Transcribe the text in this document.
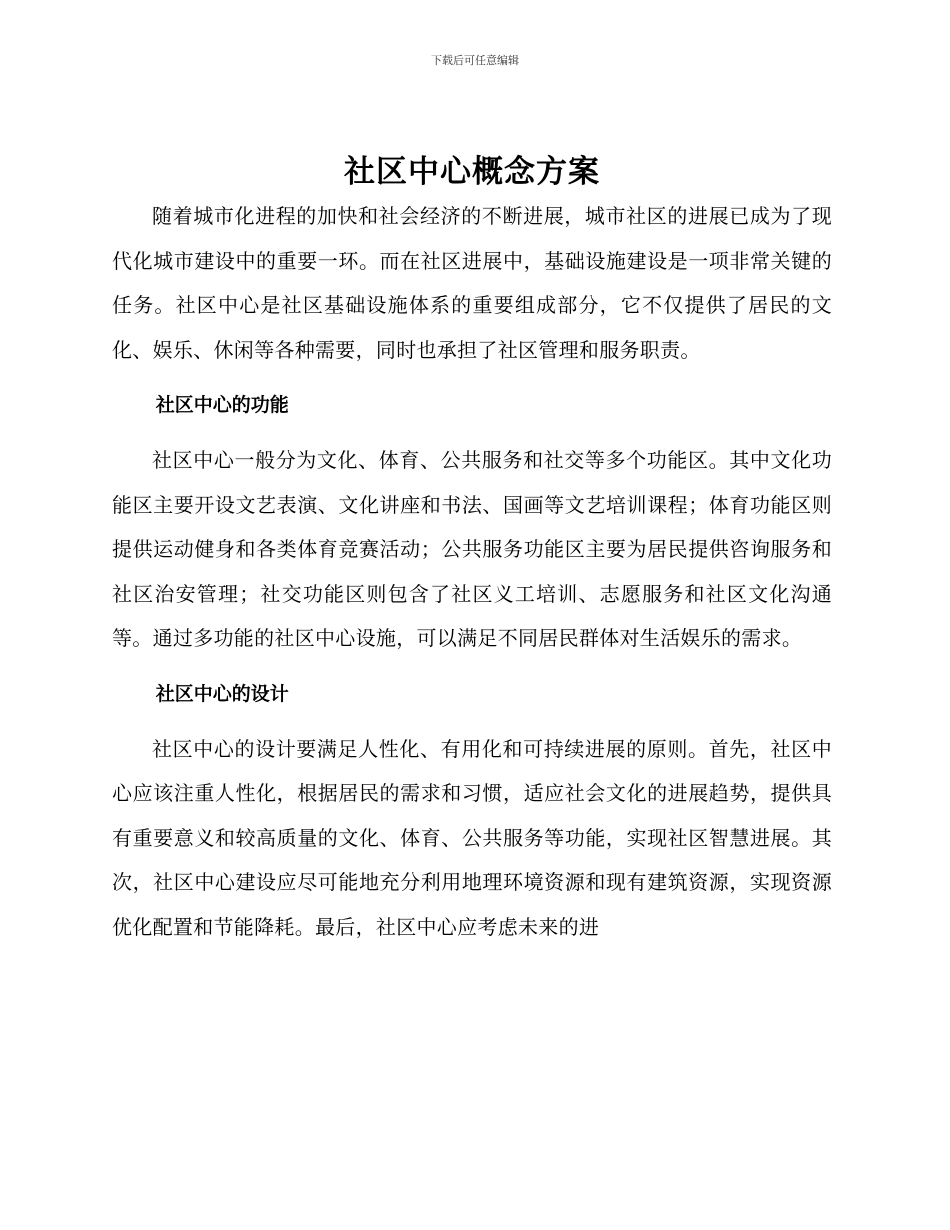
下载后可任意编辑
社区中心概念方案

随着城市化进程的加快和社会经济的不断进展，城市社区的进展已成为了现代化城市建设中的重要一环。而在社区进展中，基础设施建设是一项非常关键的任务。社区中心是社区基础设施体系的重要组成部分，它不仅提供了居民的文化、娱乐、休闲等各种需要，同时也承担了社区管理和服务职责。

社区中心的功能

社区中心一般分为文化、体育、公共服务和社交等多个功能区。其中文化功能区主要开设文艺表演、文化讲座和书法、国画等文艺培训课程；体育功能区则提供运动健身和各类体育竞赛活动；公共服务功能区主要为居民提供咨询服务和社区治安管理；社交功能区则包含了社区义工培训、志愿服务和社区文化沟通等。通过多功能的社区中心设施，可以满足不同居民群体对生活娱乐的需求。

社区中心的设计

社区中心的设计要满足人性化、有用化和可持续进展的原则。首先，社区中心应该注重人性化，根据居民的需求和习惯，适应社会文化的进展趋势，提供具有重要意义和较高质量的文化、体育、公共服务等功能，实现社区智慧进展。其次，社区中心建设应尽可能地充分利用地理环境资源和现有建筑资源，实现资源优化配置和节能降耗。最后，社区中心应考虑未来的进
